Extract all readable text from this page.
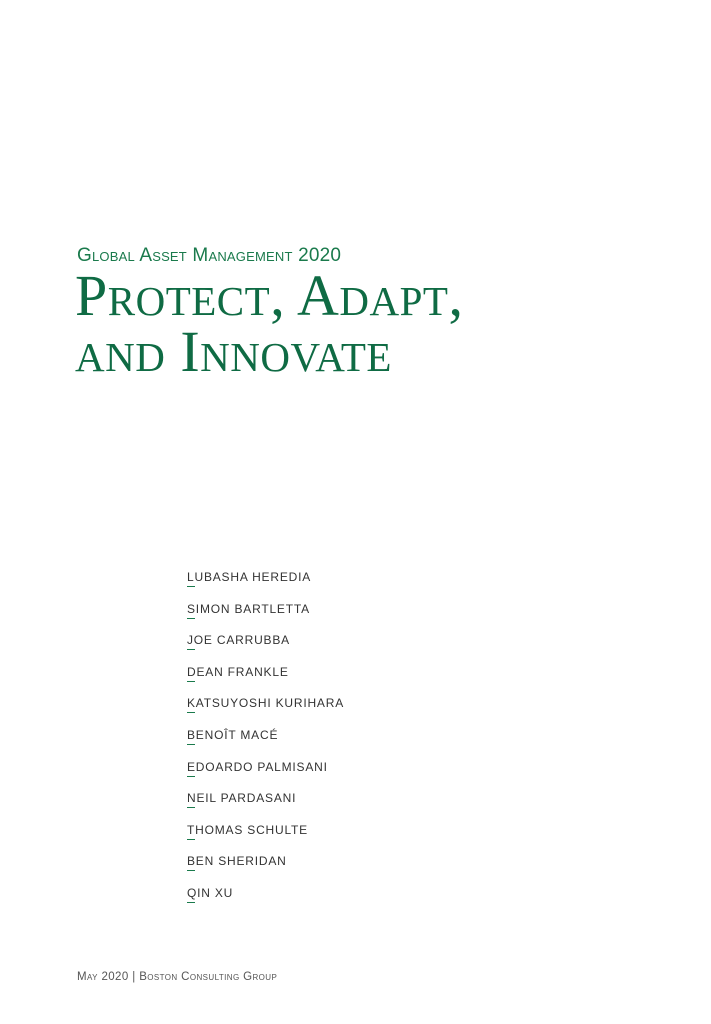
Global Asset Management 2020
Protect, Adapt,
and Innovate
LUBASHA HEREDIA
SIMON BARTLETTA
JOE CARRUBBA
DEAN FRANKLE
KATSUYOSHI KURIHARA
BENOÎT MACÉ
EDOARDO PALMISANI
NEIL PARDASANI
THOMAS SCHULTE
BEN SHERIDAN
QIN XU
May 2020 | Boston Consulting Group
